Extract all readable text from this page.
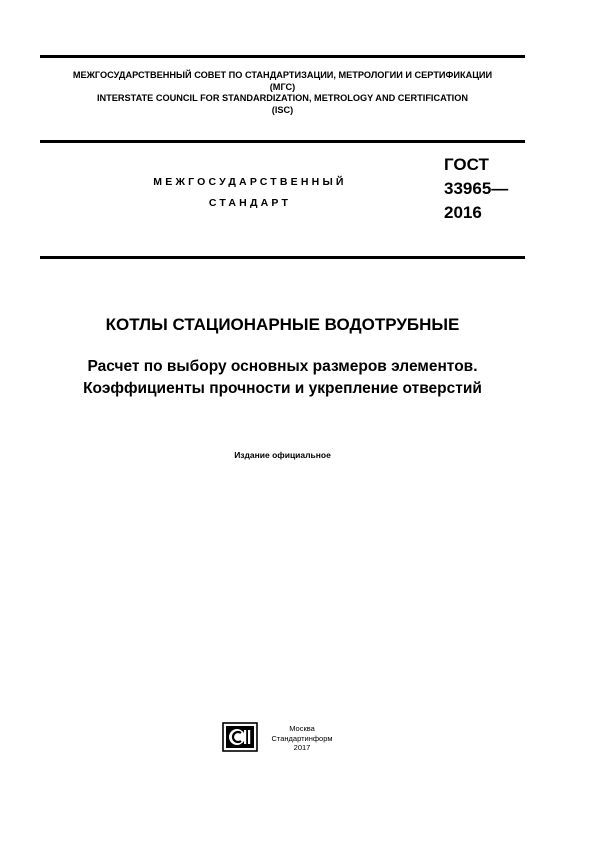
МЕЖГОСУДАРСТВЕННЫЙ СОВЕТ ПО СТАНДАРТИЗАЦИИ, МЕТРОЛОГИИ И СЕРТИФИКАЦИИ
(МГС)
INTERSTATE COUNCIL FOR STANDARDIZATION, METROLOGY AND CERTIFICATION
(ISC)
МЕЖГОСУДАРСТВЕННЫЙ
СТАНДАРТ
ГОСТ
33965—
2016
КОТЛЫ СТАЦИОНАРНЫЕ ВОДОТРУБНЫЕ
Расчет по выбору основных размеров элементов.
Коэффициенты прочности и укрепление отверстий
Издание официальное
Москва
Стандартинформ
2017
